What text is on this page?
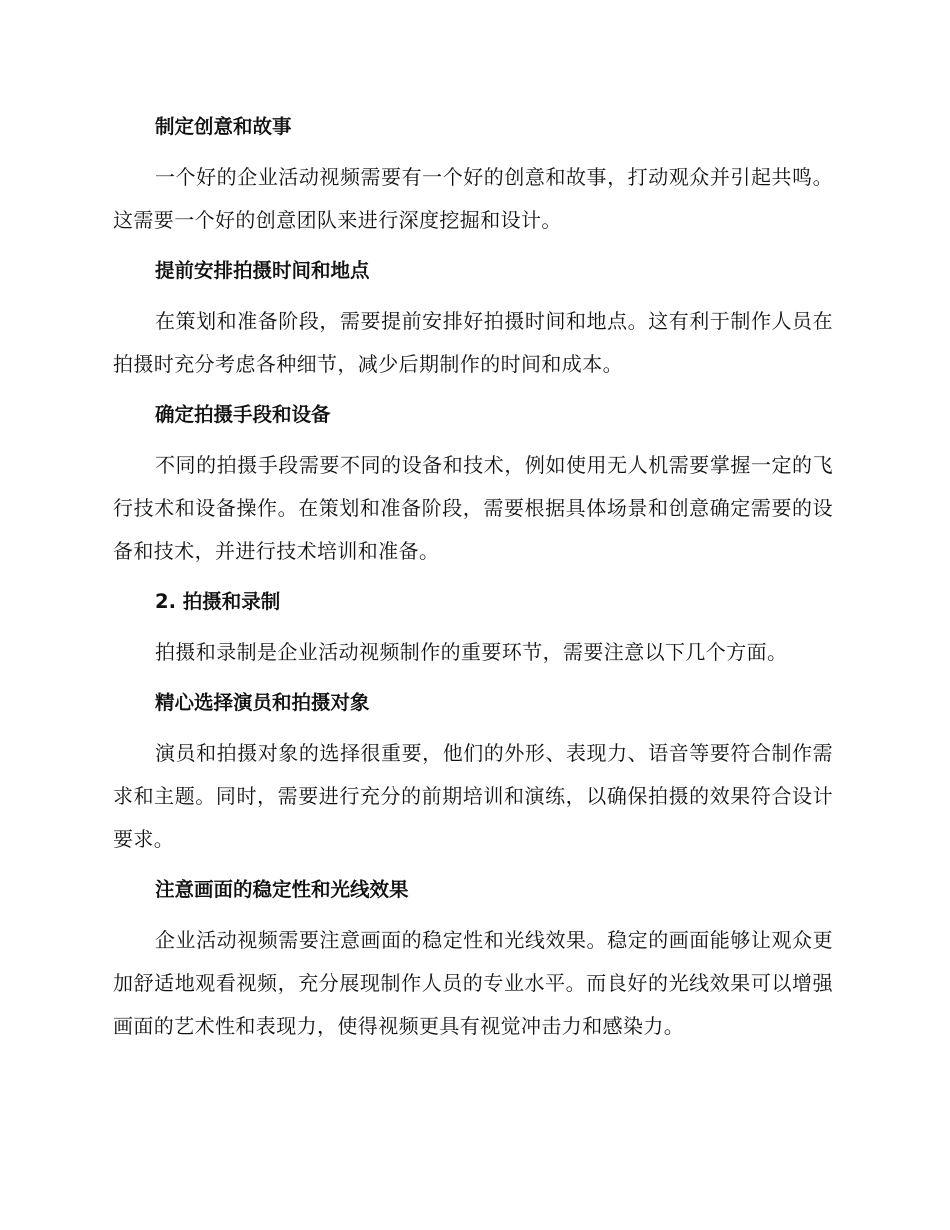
制定创意和故事

一个好的企业活动视频需要有一个好的创意和故事，打动观众并引起共鸣。这需要一个好的创意团队来进行深度挖掘和设计。

提前安排拍摄时间和地点

在策划和准备阶段，需要提前安排好拍摄时间和地点。这有利于制作人员在拍摄时充分考虑各种细节，减少后期制作的时间和成本。

确定拍摄手段和设备

不同的拍摄手段需要不同的设备和技术，例如使用无人机需要掌握一定的飞行技术和设备操作。在策划和准备阶段，需要根据具体场景和创意确定需要的设备和技术，并进行技术培训和准备。

2. 拍摄和录制

拍摄和录制是企业活动视频制作的重要环节，需要注意以下几个方面。

精心选择演员和拍摄对象

演员和拍摄对象的选择很重要，他们的外形、表现力、语音等要符合制作需求和主题。同时，需要进行充分的前期培训和演练，以确保拍摄的效果符合设计要求。

注意画面的稳定性和光线效果

企业活动视频需要注意画面的稳定性和光线效果。稳定的画面能够让观众更加舒适地观看视频，充分展现制作人员的专业水平。而良好的光线效果可以增强画面的艺术性和表现力，使得视频更具有视觉冲击力和感染力。
